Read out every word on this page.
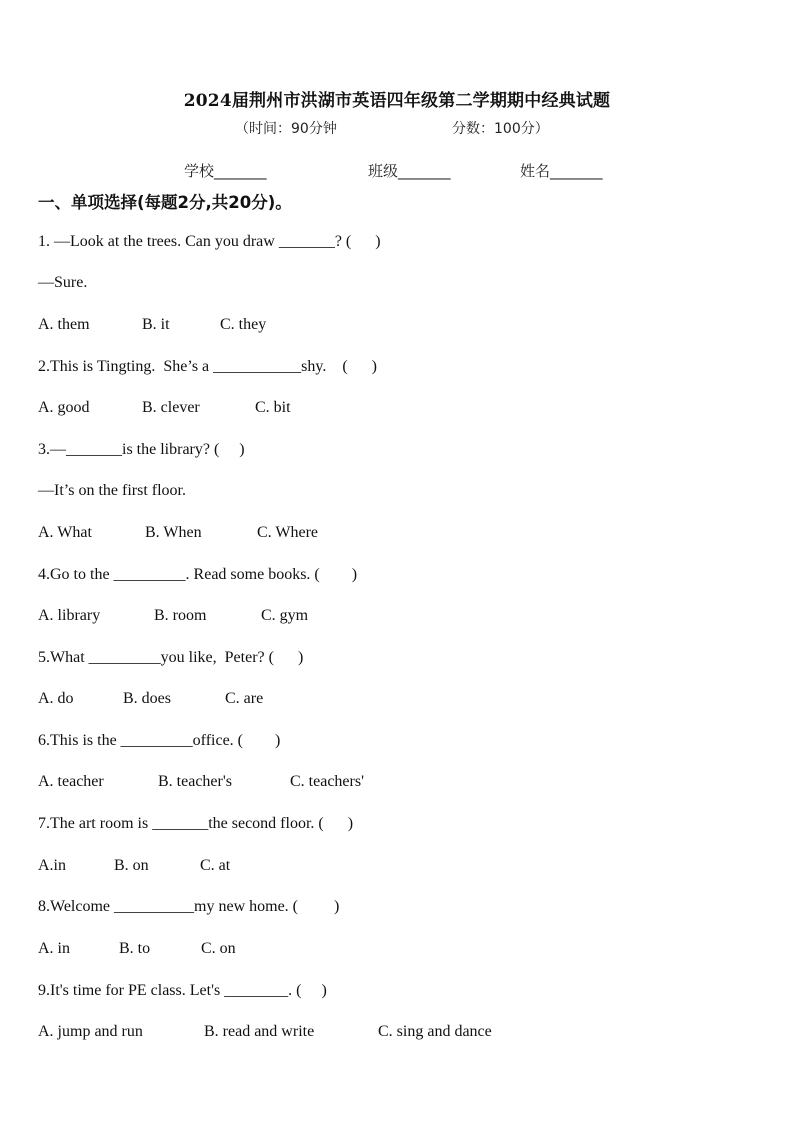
2024届荆州市洪湖市英语四年级第二学期期中经典试题
（时间：90分钟	分数：100分）
学校_______	班级_______	姓名_______
一、单项选择(每题2分,共20分)。
1. —Look at the trees. Can you draw _______? (      )
—Sure.
A. them	B. it	C. they
2.This is Tingting.  She’s a ___________shy.    (      )
A. good	B. clever	C. bit
3.—_______is the library? (     )
—It’s on the first floor.
A. What	B. When	C. Where
4.Go to the _________. Read some books. (        )
A. library	B. room	C. gym
5.What _________you like,  Peter? (      )
A. do	B. does	C. are
6.This is the _________office. (        )
A. teacher	B. teacher's	C. teachers'
7.The art room is _______the second floor. (      )
A.in	B. on	C. at
8.Welcome __________my new home. (         )
A. in	B. to	C. on
9.It's time for PE class. Let's ________. (     )
A. jump and run	B. read and write	C. sing and dance
